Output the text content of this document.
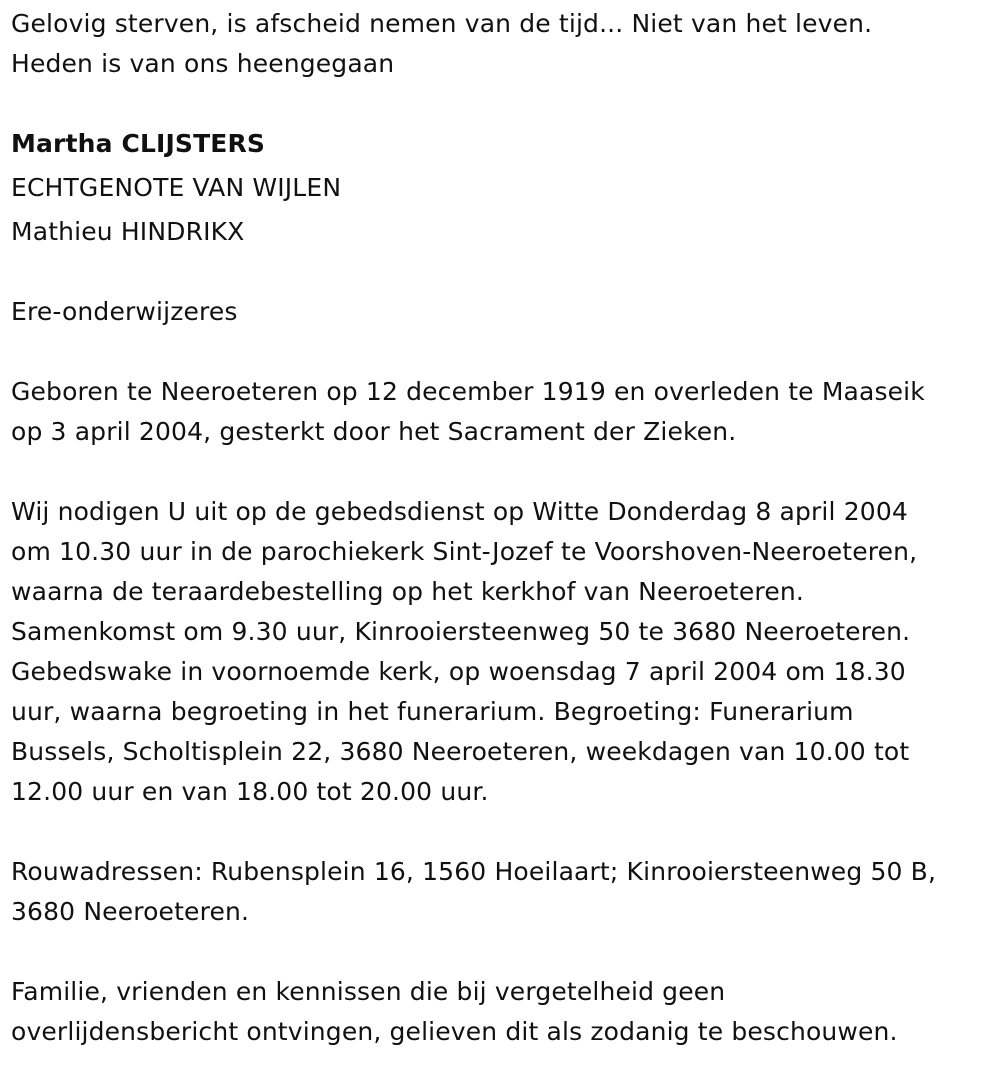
Gelovig sterven, is afscheid nemen van de tijd... Niet van het leven.

Heden is van ons heengegaan

Martha CLIJSTERS

ECHTGENOTE VAN WIJLEN

Mathieu HINDRIKX

Ere-onderwijzeres

Geboren te Neeroeteren op 12 december 1919 en overleden te Maaseik

op 3 april 2004, gesterkt door het Sacrament der Zieken.

Wij nodigen U uit op de gebedsdienst op Witte Donderdag 8 april 2004

om 10.30 uur in de parochiekerk Sint-Jozef te Voorshoven-Neeroeteren,

waarna de teraardebestelling op het kerkhof van Neeroeteren.

Samenkomst om 9.30 uur, Kinrooiersteenweg 50 te 3680 Neeroeteren.

Gebedswake in voornoemde kerk, op woensdag 7 april 2004 om 18.30

uur, waarna begroeting in het funerarium. Begroeting: Funerarium

Bussels, Scholtisplein 22, 3680 Neeroeteren, weekdagen van 10.00 tot

12.00 uur en van 18.00 tot 20.00 uur.

Rouwadressen: Rubensplein 16, 1560 Hoeilaart; Kinrooiersteenweg 50 B,

3680 Neeroeteren.

Familie, vrienden en kennissen die bij vergetelheid geen

overlijdensbericht ontvingen, gelieven dit als zodanig te beschouwen.
